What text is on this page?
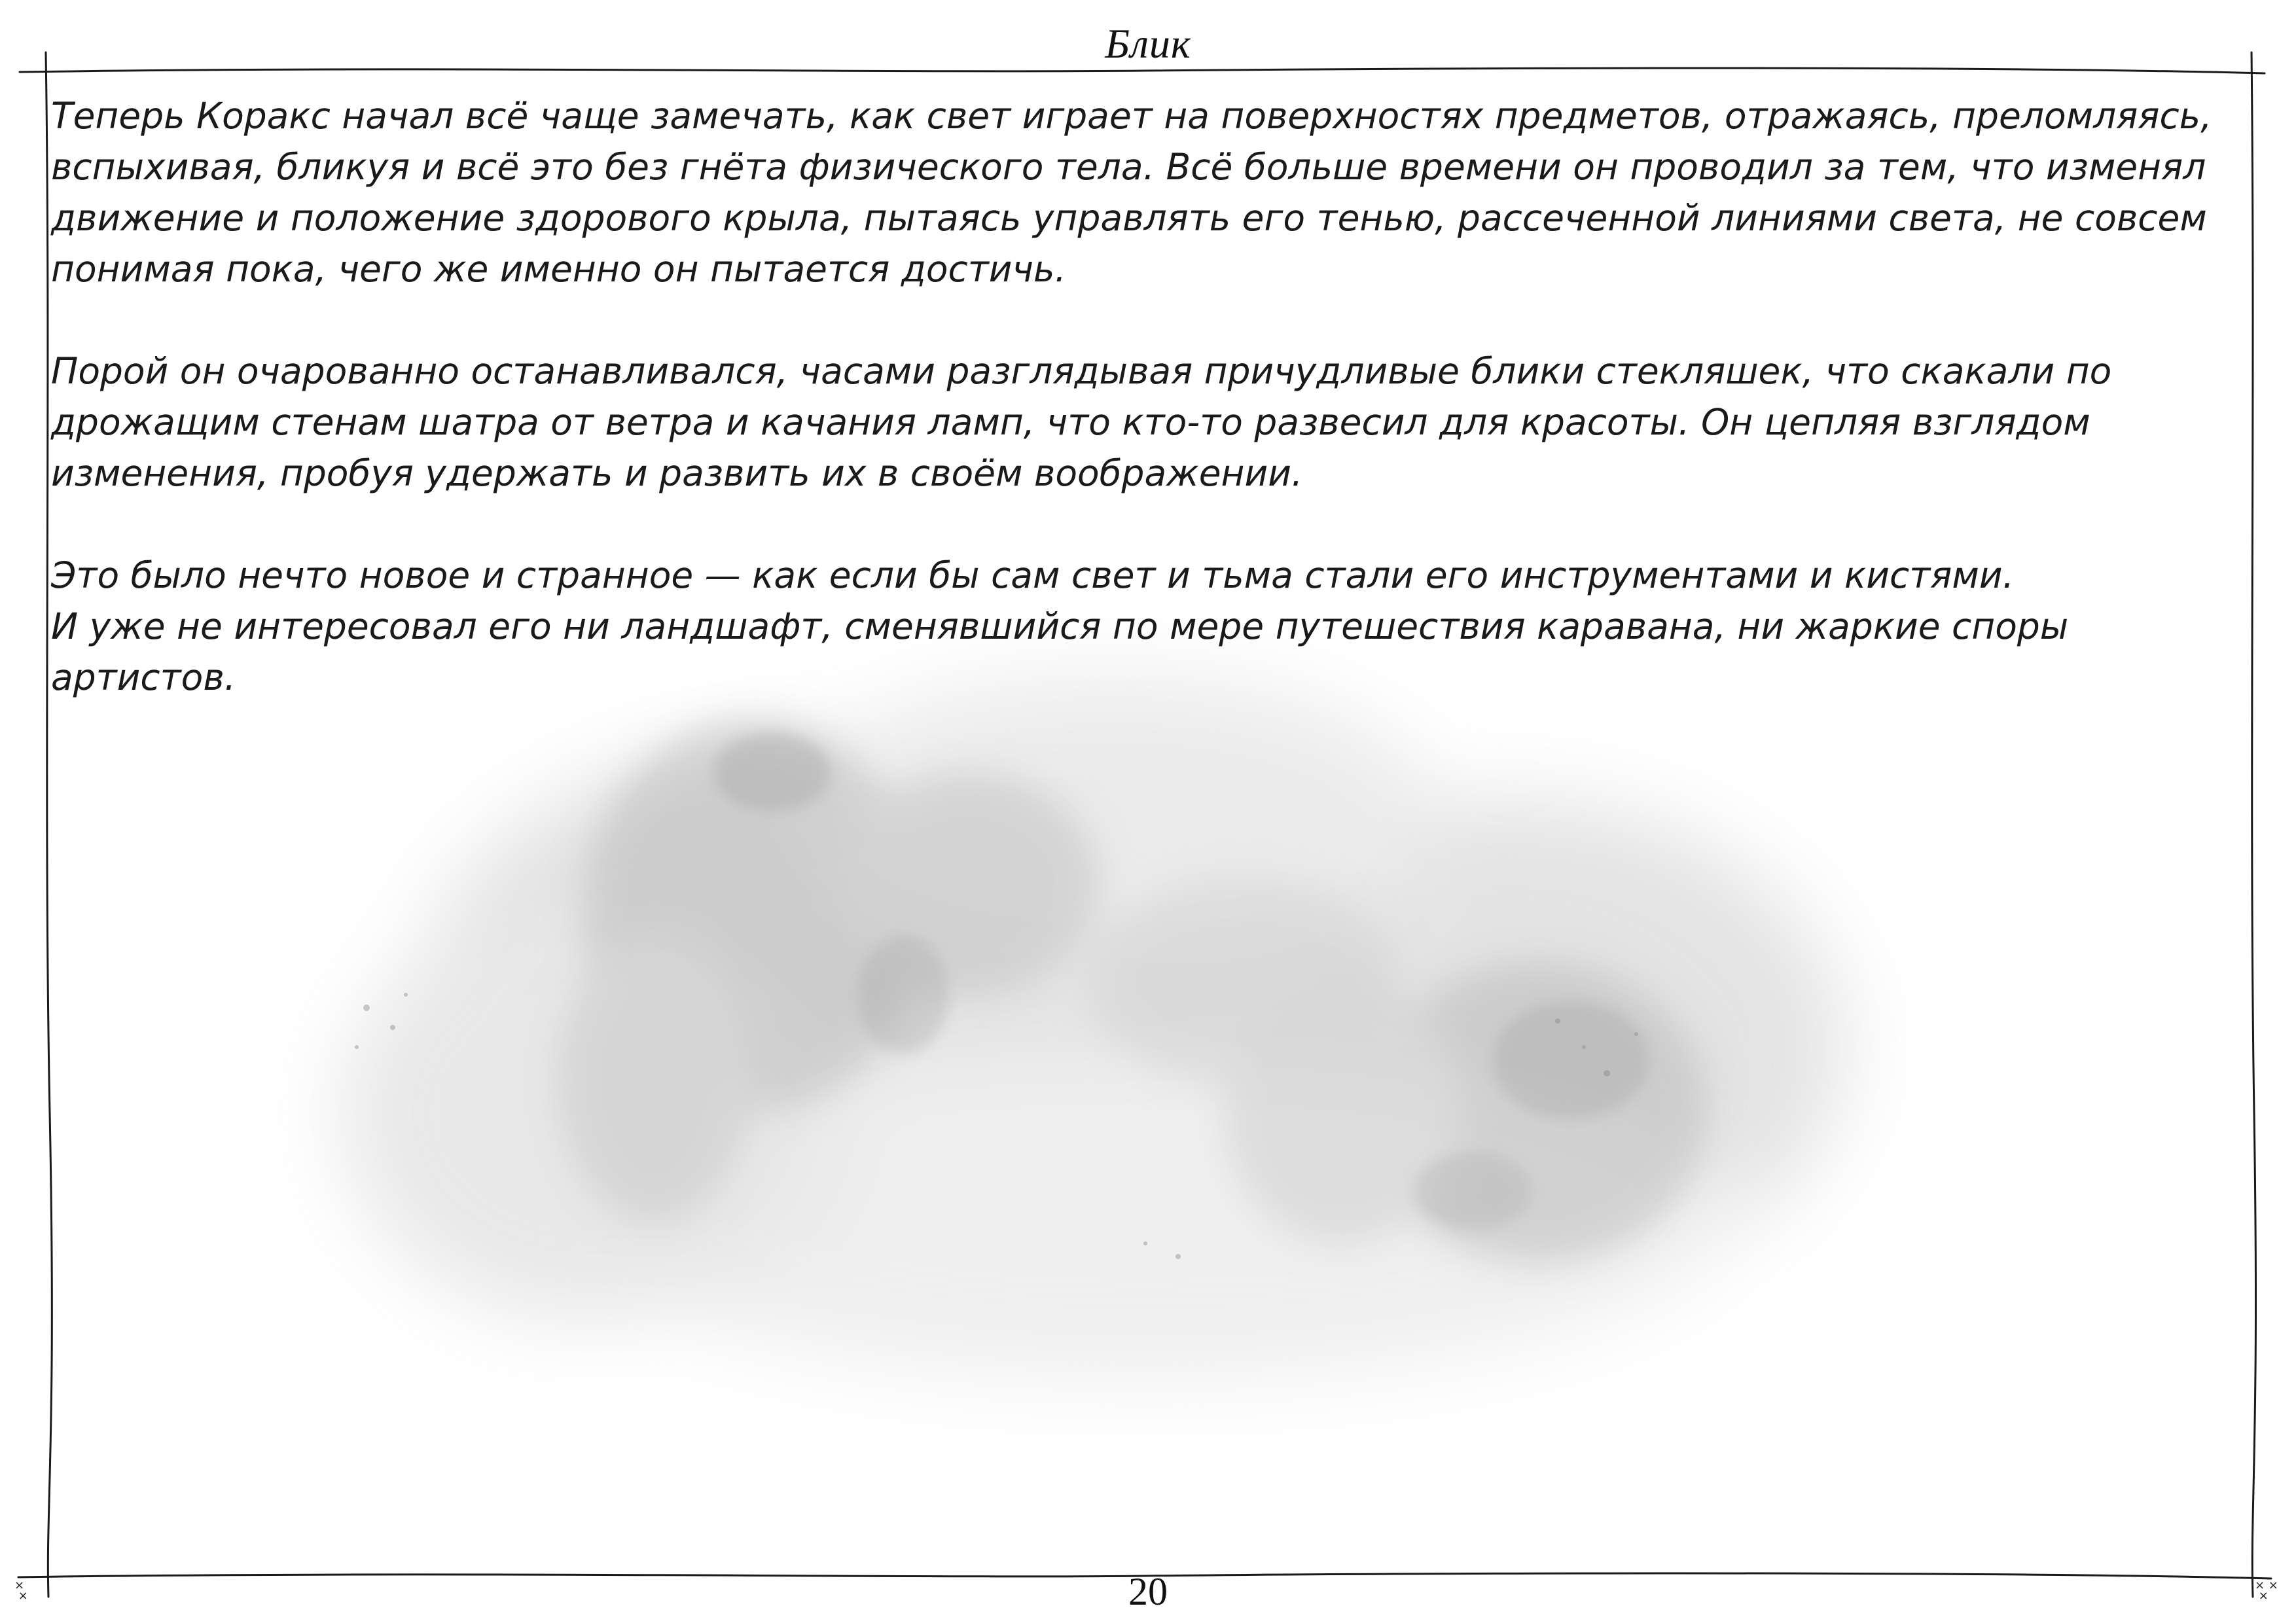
Блик

Теперь Коракс начал всё чаще замечать, как свет играет на поверхностях предметов, отражаясь, преломляясь, вспыхивая, бликуя и всё это без гнёта физического тела. Всё больше времени он проводил за тем, что изменял движение и положение здорового крыла, пытаясь управлять его тенью, рассеченной линиями света, не совсем понимая пока, чего же именно он пытается достичь.

Порой он очарованно останавливался, часами разглядывая причудливые блики стекляшек, что скакали по дрожащим стенам шатра от ветра и качания ламп, что кто-то развесил для красоты. Он цепляя взглядом изменения, пробуя удержать и развить их в своём воображении.

Это было нечто новое и странное — как если бы сам свет и тьма стали его инструментами и кистями.

И уже не интересовал его ни ландшафт, сменявшийся по мере путешествия каравана, ни жаркие споры артистов.

20
×
×
× ×
×
